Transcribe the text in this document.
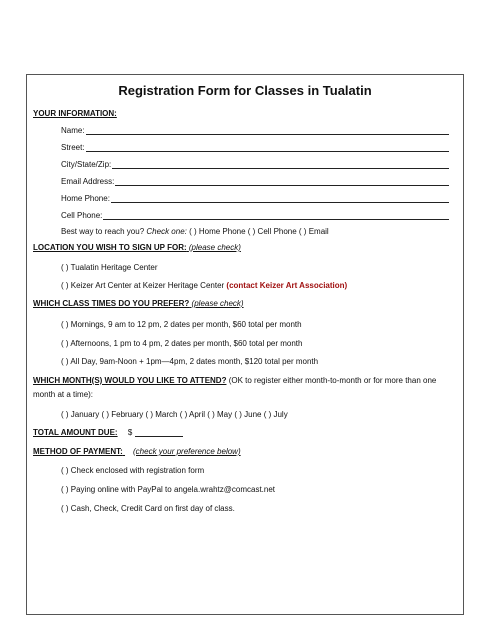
Registration Form for Classes in Tualatin
YOUR INFORMATION:
Name:
Street:
City/State/Zip:
Email Address:
Home Phone:
Cell Phone:
Best way to reach you? Check one: ( ) Home Phone ( ) Cell Phone ( ) Email
LOCATION YOU WISH TO SIGN UP FOR: (please check)
( ) Tualatin Heritage Center
( ) Keizer Art Center at Keizer Heritage Center (contact Keizer Art Association)
WHICH CLASS TIMES DO YOU PREFER? (please check)
( ) Mornings, 9 am to 12 pm, 2 dates per month, $60 total per month
( ) Afternoons, 1 pm to 4 pm, 2 dates per month, $60 total per month
( ) All Day, 9am-Noon + 1pm—4pm, 2 dates month, $120 total per month
WHICH MONTH(S) WOULD YOU LIKE TO ATTEND? (OK to register either month-to-month or for more than one month at a time):
( ) January ( ) February ( ) March ( ) April ( ) May ( ) June ( ) July
TOTAL AMOUNT DUE: $
METHOD OF PAYMENT: (check your preference below)
( ) Check enclosed with registration form
( ) Paying online with PayPal to angela.wrahtz@comcast.net
( ) Cash, Check, Credit Card on first day of class.
